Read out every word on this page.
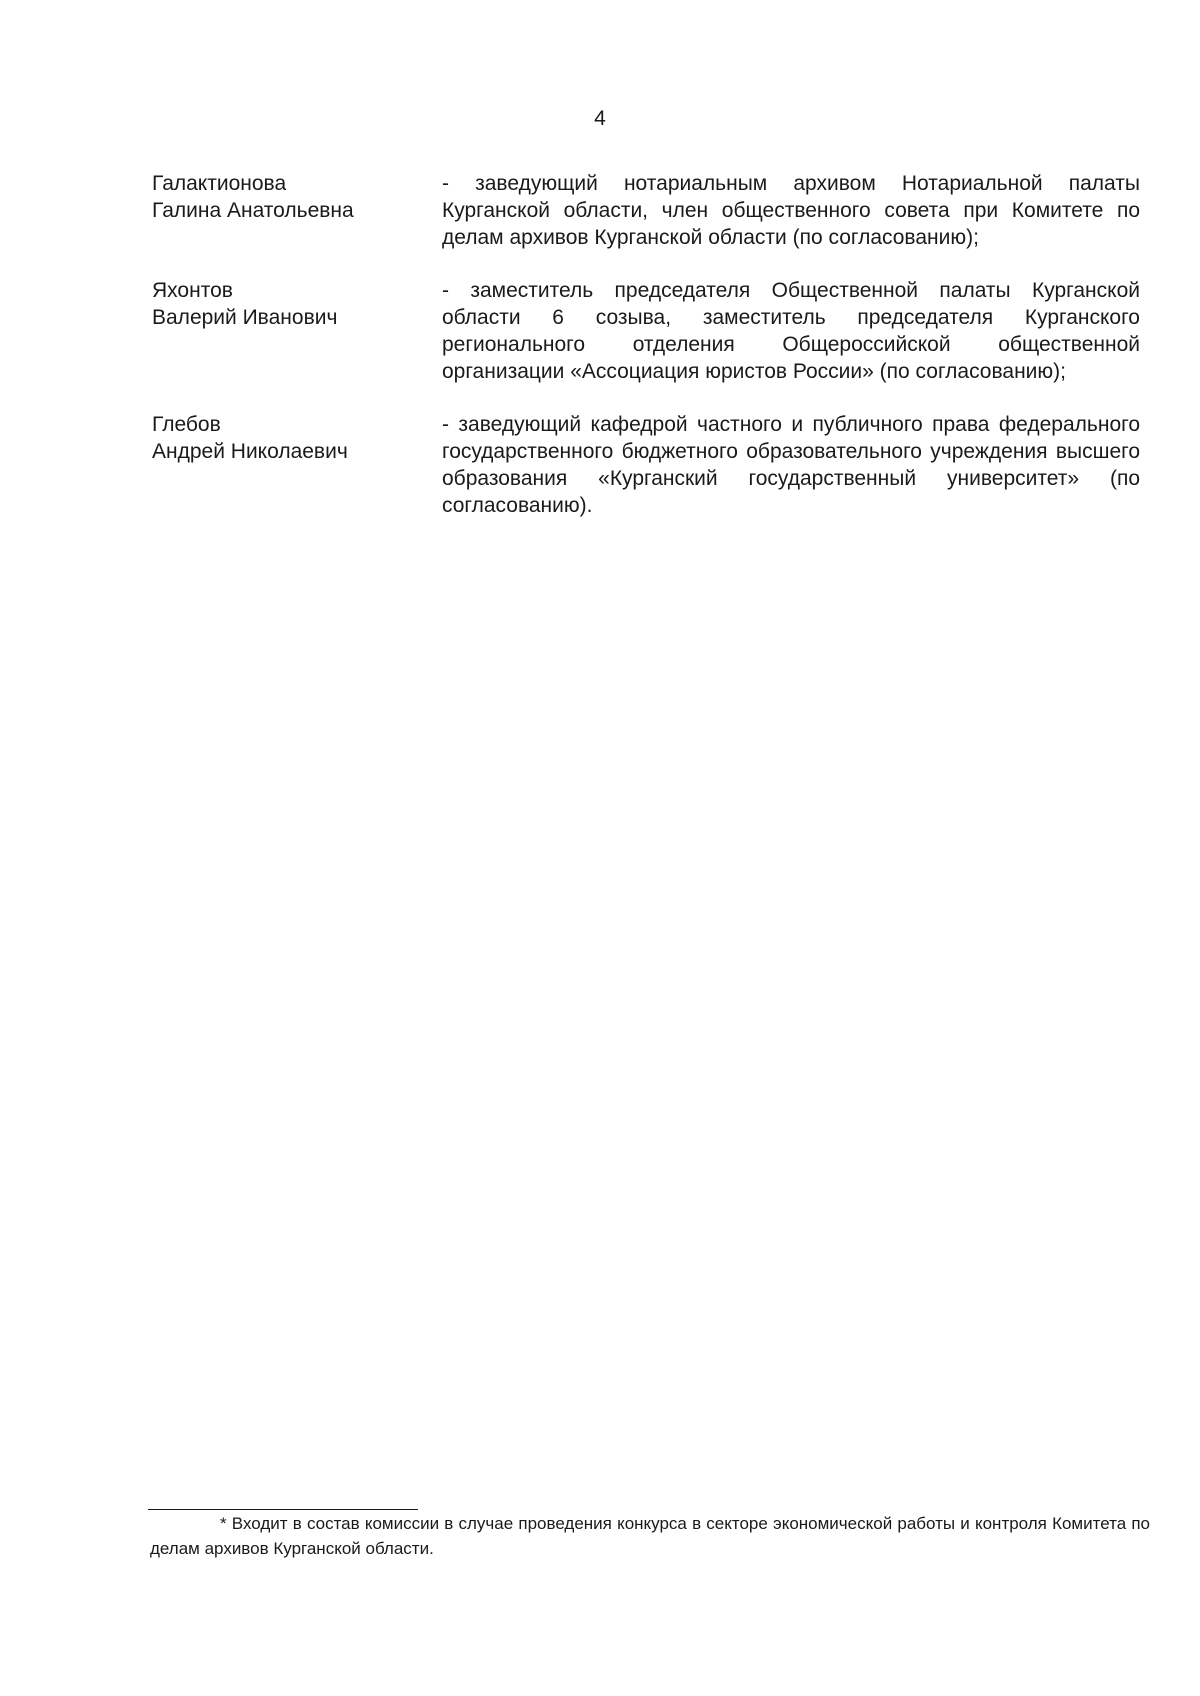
4
Галактионова
Галина Анатольевна
- заведующий нотариальным архивом Нотариальной палаты Курганской области, член общественного совета при Комитете по делам архивов Курганской области (по согласованию);
Яхонтов
Валерий Иванович
- заместитель председателя Общественной палаты Курганской области 6 созыва, заместитель председателя Курганского регионального отделения Общероссийской общественной организации «Ассоциация юристов России» (по согласованию);
Глебов
Андрей Николаевич
- заведующий кафедрой частного и публичного права федерального государственного бюджетного образовательного учреждения высшего образования «Курганский государственный университет» (по согласованию).
* Входит в состав комиссии в случае проведения конкурса в секторе экономической работы и контроля Комитета по делам архивов Курганской области.
